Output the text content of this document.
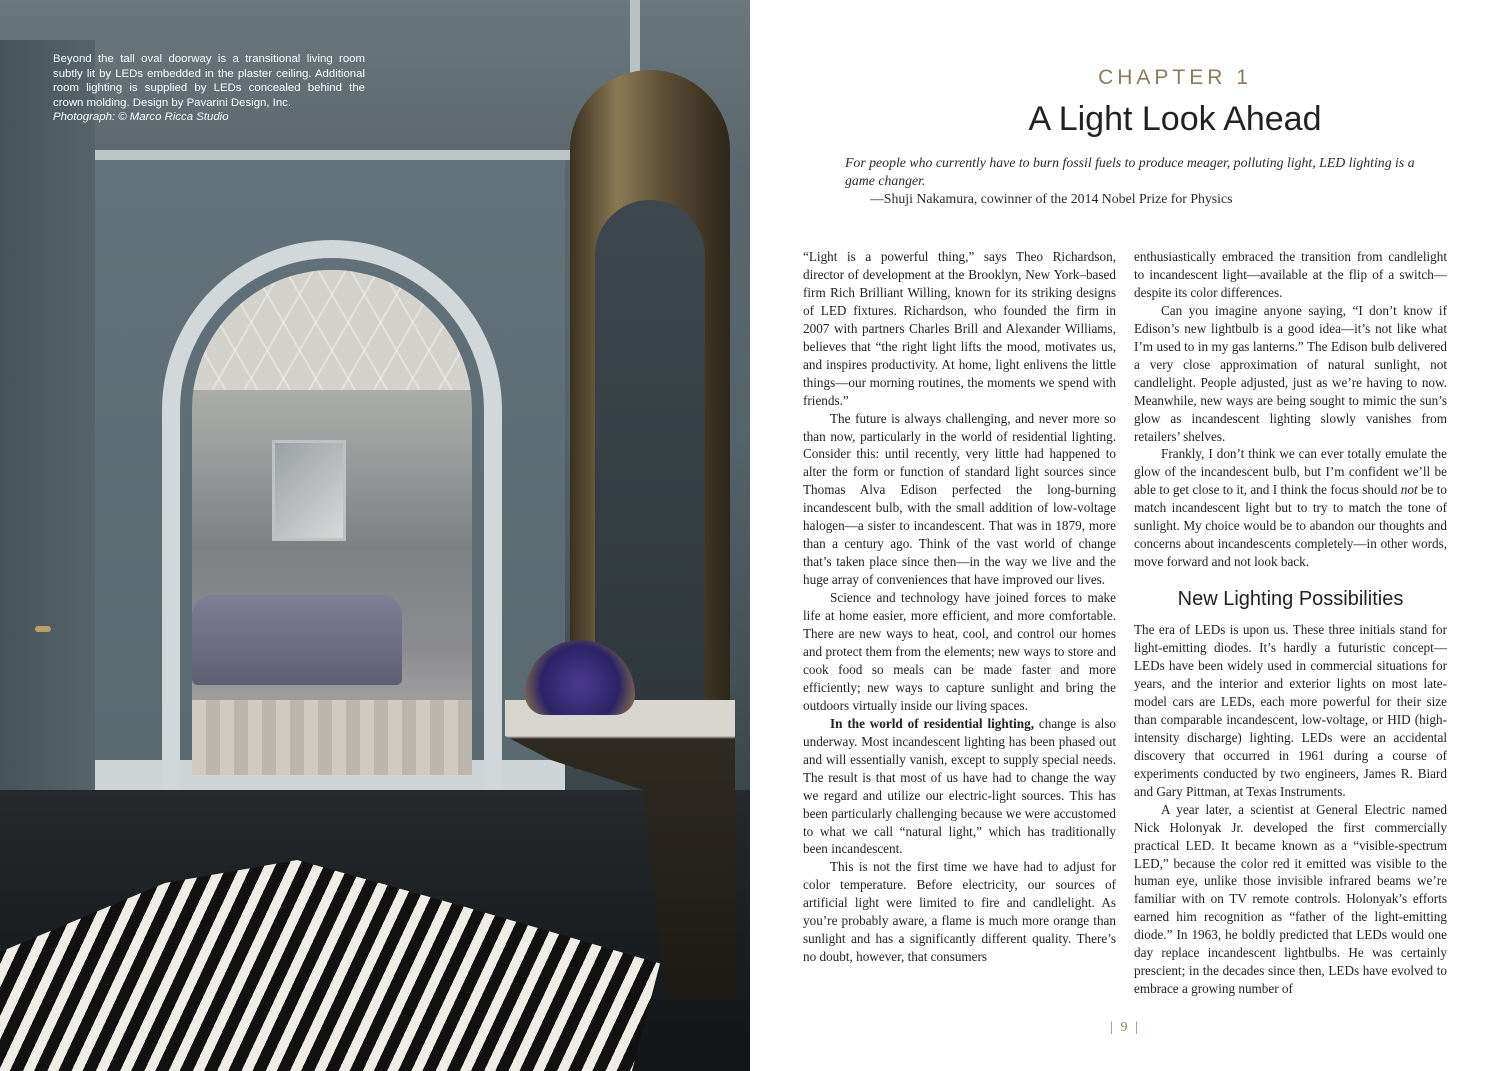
Beyond the tall oval doorway is a transitional living room subtly lit by LEDs embedded in the plaster ceiling. Additional room lighting is supplied by LEDs concealed behind the crown molding. Design by Pavarini Design, Inc.
Photograph: © Marco Ricca Studio

CHAPTER 1
A Light Look Ahead

For people who currently have to burn fossil fuels to produce meager, polluting light, LED lighting is a game changer.

—Shuji Nakamura, cowinner of the 2014 Nobel Prize for Physics

“Light is a powerful thing,” says Theo Richardson, director of development at the Brooklyn, New York–based firm Rich Brilliant Willing, known for its striking designs of LED fixtures. Richardson, who founded the firm in 2007 with partners Charles Brill and Alexander Williams, believes that “the right light lifts the mood, motivates us, and inspires productivity. At home, light enlivens the little things—our morning routines, the moments we spend with friends.”

The future is always challenging, and never more so than now, particularly in the world of residential lighting. Consider this: until recently, very little had happened to alter the form or function of standard light sources since Thomas Alva Edison perfected the long-burning incandescent bulb, with the small addition of low-voltage halogen—a sister to incandescent. That was in 1879, more than a century ago. Think of the vast world of change that’s taken place since then—in the way we live and the huge array of conveniences that have improved our lives.

Science and technology have joined forces to make life at home easier, more efficient, and more comfortable. There are new ways to heat, cool, and control our homes and protect them from the elements; new ways to store and cook food so meals can be made faster and more efficiently; new ways to capture sunlight and bring the outdoors virtually inside our living spaces.

In the world of residential lighting, change is also underway. Most incandescent lighting has been phased out and will essentially vanish, except to supply special needs. The result is that most of us have had to change the way we regard and utilize our electric-light sources. This has been particularly challenging because we were accustomed to what we call “natural light,” which has traditionally been incandescent.

This is not the first time we have had to adjust for color temperature. Before electricity, our sources of artificial light were limited to fire and candlelight. As you’re probably aware, a flame is much more orange than sunlight and has a significantly different quality. There’s no doubt, however, that consumers

enthusiastically embraced the transition from candlelight to incandescent light—available at the flip of a switch—despite its color differences.

Can you imagine anyone saying, “I don’t know if Edison’s new lightbulb is a good idea—it’s not like what I’m used to in my gas lanterns.” The Edison bulb delivered a very close approximation of natural sunlight, not candlelight. People adjusted, just as we’re having to now. Meanwhile, new ways are being sought to mimic the sun’s glow as incandescent lighting slowly vanishes from retailers’ shelves.

Frankly, I don’t think we can ever totally emulate the glow of the incandescent bulb, but I’m confident we’ll be able to get close to it, and I think the focus should not be to match incandescent light but to try to match the tone of sunlight. My choice would be to abandon our thoughts and concerns about incandescents completely—in other words, move forward and not look back.

New Lighting Possibilities

The era of LEDs is upon us. These three initials stand for light-emitting diodes. It’s hardly a futuristic concept—LEDs have been widely used in commercial situations for years, and the interior and exterior lights on most late-model cars are LEDs, each more powerful for their size than comparable incandescent, low-voltage, or HID (high-intensity discharge) lighting. LEDs were an accidental discovery that occurred in 1961 during a course of experiments conducted by two engineers, James R. Biard and Gary Pittman, at Texas Instruments.

A year later, a scientist at General Electric named Nick Holonyak Jr. developed the first commercially practical LED. It became known as a “visible-spectrum LED,” because the color red it emitted was visible to the human eye, unlike those invisible infrared beams we’re familiar with on TV remote controls. Holonyak’s efforts earned him recognition as “father of the light-emitting diode.” In 1963, he boldly predicted that LEDs would one day replace incandescent lightbulbs. He was certainly prescient; in the decades since then, LEDs have evolved to embrace a growing number of

| 9 |
